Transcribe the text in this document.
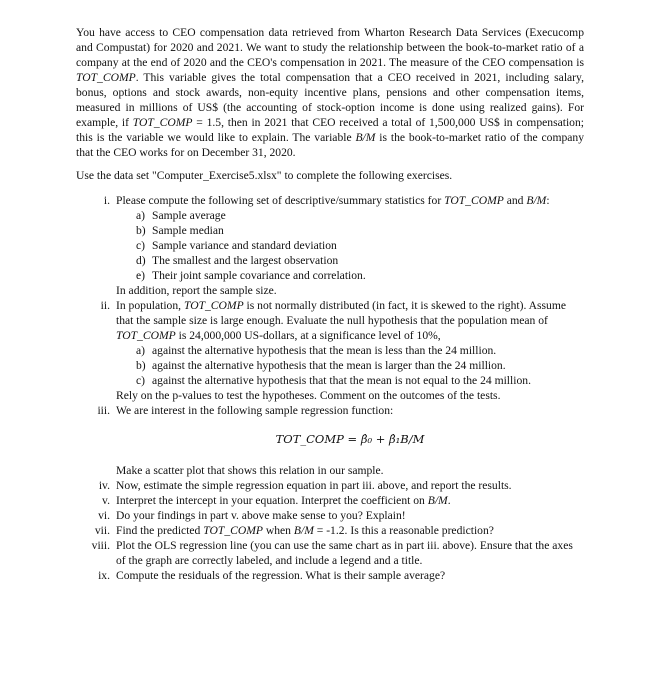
You have access to CEO compensation data retrieved from Wharton Research Data Services (Execucomp and Compustat) for 2020 and 2021. We want to study the relationship between the book-to-market ratio of a company at the end of 2020 and the CEO's compensation in 2021. The measure of the CEO compensation is TOT_COMP. This variable gives the total compensation that a CEO received in 2021, including salary, bonus, options and stock awards, non-equity incentive plans, pensions and other compensation items, measured in millions of US$ (the accounting of stock-option income is done using realized gains). For example, if TOT_COMP = 1.5, then in 2021 that CEO received a total of 1,500,000 US$ in compensation; this is the variable we would like to explain. The variable B/M is the book-to-market ratio of the company that the CEO works for on December 31, 2020.

Use the data set "Computer_Exercise5.xlsx" to complete the following exercises.

i. Please compute the following set of descriptive/summary statistics for TOT_COMP and B/M:
a) Sample average
b) Sample median
c) Sample variance and standard deviation
d) The smallest and the largest observation
e) Their joint sample covariance and correlation.
In addition, report the sample size.
ii. In population, TOT_COMP is not normally distributed (in fact, it is skewed to the right). Assume that the sample size is large enough. Evaluate the null hypothesis that the population mean of TOT_COMP is 24,000,000 US-dollars, at a significance level of 10%,
a) against the alternative hypothesis that the mean is less than the 24 million.
b) against the alternative hypothesis that the mean is larger than the 24 million.
c) against the alternative hypothesis that that the mean is not equal to the 24 million.
Rely on the p-values to test the hypotheses. Comment on the outcomes of the tests.
iii. We are interest in the following sample regression function:
TOT_COMP = β̂₀ + β̂₁B/M
Make a scatter plot that shows this relation in our sample.
iv. Now, estimate the simple regression equation in part iii. above, and report the results.
v. Interpret the intercept in your equation. Interpret the coefficient on B/M.
vi. Do your findings in part v. above make sense to you? Explain!
vii. Find the predicted TOT_COMP when B/M = -1.2. Is this a reasonable prediction?
viii. Plot the OLS regression line (you can use the same chart as in part iii. above). Ensure that the axes of the graph are correctly labeled, and include a legend and a title.
ix. Compute the residuals of the regression. What is their sample average?
